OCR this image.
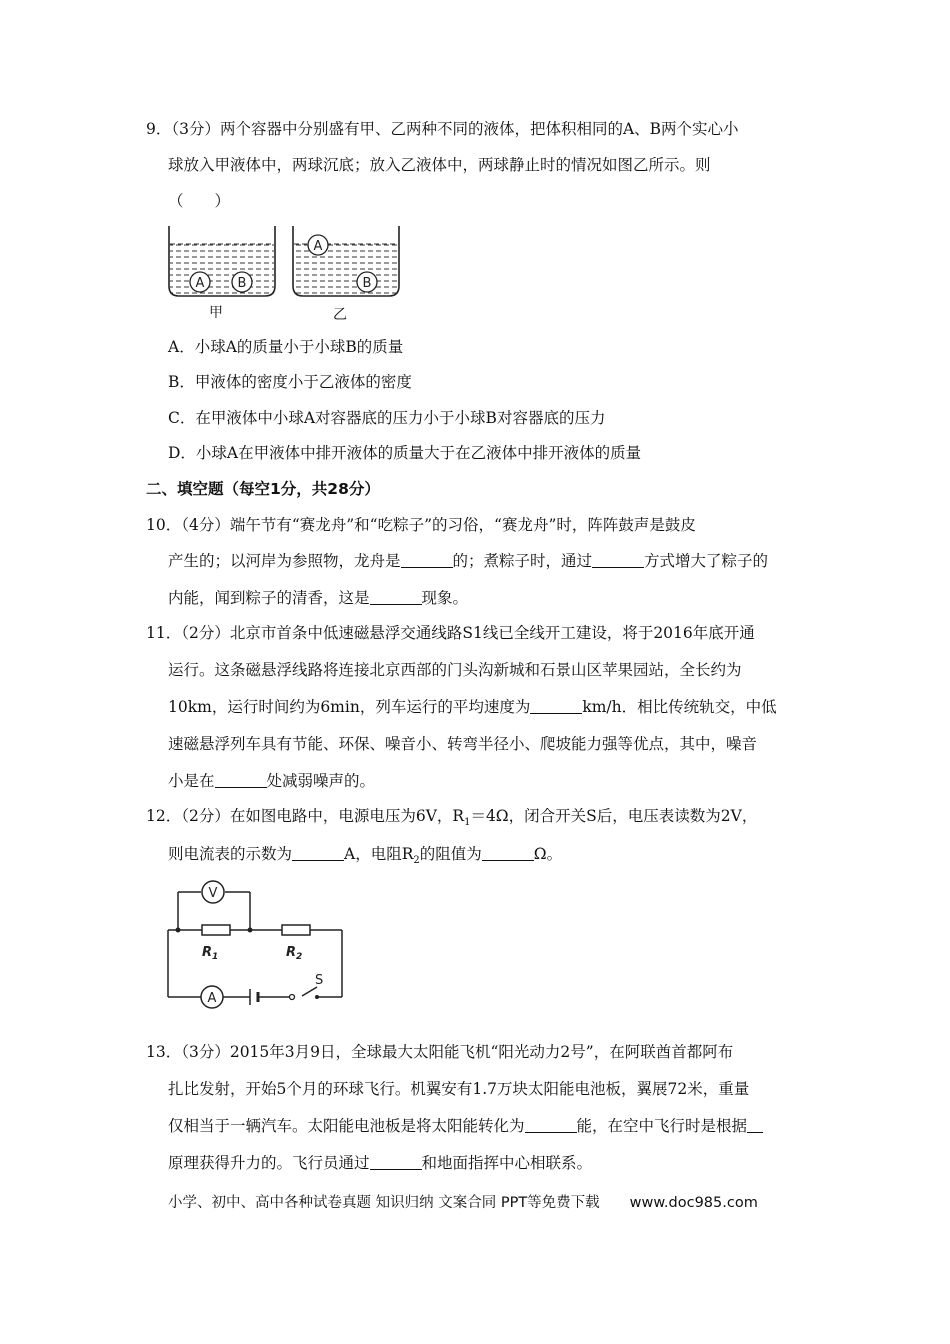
9．（3分）两个容器中分别盛有甲、乙两种不同的液体，把体积相同的A、B两个实心小
球放入甲液体中，两球沉底；放入乙液体中，两球静止时的情况如图乙所示。则
（　　）
A	B
甲
A
B
乙
A．小球A的质量小于小球B的质量
B．甲液体的密度小于乙液体的密度
C．在甲液体中小球A对容器底的压力小于小球B对容器底的压力
D．小球A在甲液体中排开液体的质量大于在乙液体中排开液体的质量
二、填空题（每空1分，共28分）
10．（4分）端午节有“赛龙舟”和“吃粽子”的习俗，“赛龙舟”时，阵阵鼓声是鼓皮
产生的；以河岸为参照物，龙舟是	的；煮粽子时，通过	方式增大了粽子的
内能，闻到粽子的清香，这是	现象。
11．（2分）北京市首条中低速磁悬浮交通线路S1线已全线开工建设，将于2016年底开通
运行。这条磁悬浮线路将连接北京西部的门头沟新城和石景山区苹果园站，全长约为
10km，运行时间约为6min，列车运行的平均速度为	km/h．相比传统轨交，中低
速磁悬浮列车具有节能、环保、噪音小、转弯半径小、爬坡能力强等优点，其中，噪音
小是在	处减弱噪声的。
12．（2分）在如图电路中，电源电压为6V，$R_1=4\Omega$，闭合开关S后，电压表读数为2V，
则电流表的示数为	A，电阻$R_2$的阻值为	Ω。
V
A
S
$R_1$	$R_2$
13．（3分）2015年3月9日，全球最大太阳能飞机“阳光动力2号”，在阿联酋首都阿布
扎比发射，开始5个月的环球飞行。机翼安有1.7万块太阳能电池板，翼展72米，重量
仅相当于一辆汽车。太阳能电池板是将太阳能转化为	能，在空中飞行时是根据
原理获得升力的。飞行员通过	和地面指挥中心相联系。
小学、初中、高中各种试卷真题 知识归纳 文案合同 PPT等免费下载 www.doc985.com
